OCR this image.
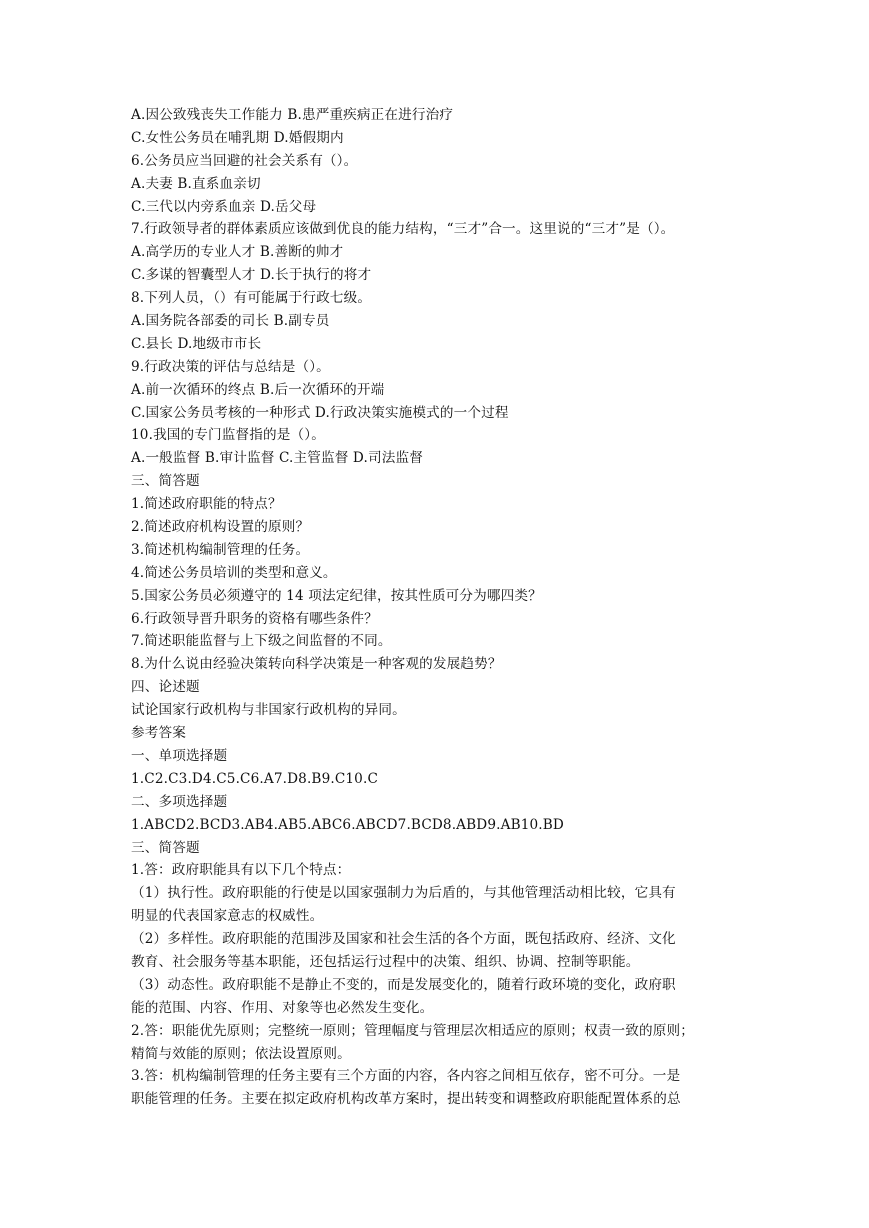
A.因公致残丧失工作能力 B.患严重疾病正在进行治疗
C.女性公务员在哺乳期 D.婚假期内
6.公务员应当回避的社会关系有（）。
A.夫妻 B.直系血亲切
C.三代以内旁系血亲 D.岳父母
7.行政领导者的群体素质应该做到优良的能力结构，“三才”合一。这里说的“三才”是（）。
A.高学历的专业人才 B.善断的帅才
C.多谋的智囊型人才 D.长于执行的将才
8.下列人员，（）有可能属于行政七级。
A.国务院各部委的司长 B.副专员
C.县长 D.地级市市长
9.行政决策的评估与总结是（）。
A.前一次循环的终点 B.后一次循环的开端
C.国家公务员考核的一种形式 D.行政决策实施模式的一个过程
10.我国的专门监督指的是（）。
A.一般监督 B.审计监督 C.主管监督 D.司法监督
三、简答题
1.简述政府职能的特点？
2.简述政府机构设置的原则？
3.简述机构编制管理的任务。
4.简述公务员培训的类型和意义。
5.国家公务员必须遵守的 14 项法定纪律，按其性质可分为哪四类？
6.行政领导晋升职务的资格有哪些条件？
7.简述职能监督与上下级之间监督的不同。
8.为什么说由经验决策转向科学决策是一种客观的发展趋势？
四、论述题
试论国家行政机构与非国家行政机构的异同。
参考答案
一、单项选择题
1.C2.C3.D4.C5.C6.A7.D8.B9.C10.C
二、多项选择题
1.ABCD2.BCD3.AB4.AB5.ABC6.ABCD7.BCD8.ABD9.AB10.BD
三、简答题
1.答：政府职能具有以下几个特点：
（1）执行性。政府职能的行使是以国家强制力为后盾的，与其他管理活动相比较，它具有
明显的代表国家意志的权威性。
（2）多样性。政府职能的范围涉及国家和社会生活的各个方面，既包括政府、经济、文化
教育、社会服务等基本职能，还包括运行过程中的决策、组织、协调、控制等职能。
（3）动态性。政府职能不是静止不变的，而是发展变化的，随着行政环境的变化，政府职
能的范围、内容、作用、对象等也必然发生变化。
2.答：职能优先原则；完整统一原则；管理幅度与管理层次相适应的原则；权责一致的原则；
精简与效能的原则；依法设置原则。
3.答：机构编制管理的任务主要有三个方面的内容，各内容之间相互依存，密不可分。一是
职能管理的任务。主要在拟定政府机构改革方案时，提出转变和调整政府职能配置体系的总
